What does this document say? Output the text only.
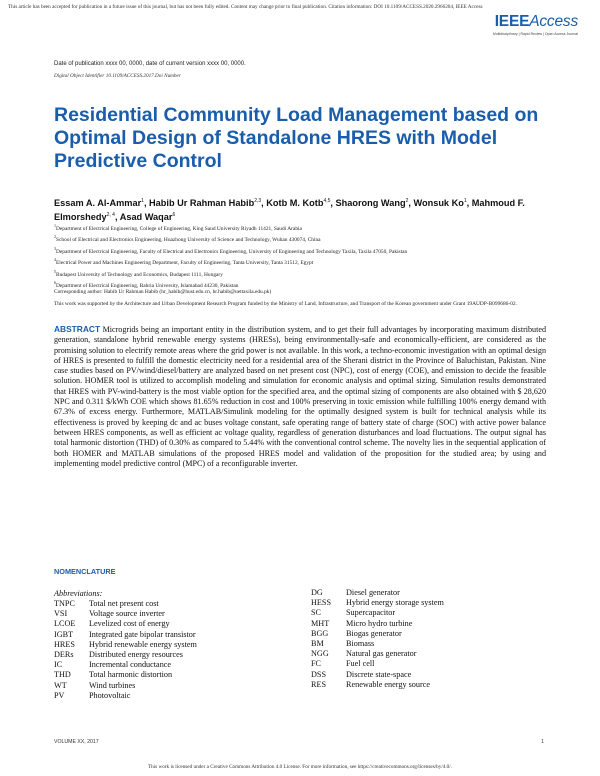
This article has been accepted for publication in a future issue of this journal, but has not been fully edited. Content may change prior to final publication. Citation information: DOI 10.1109/ACCESS.2020.2966204, IEEE Access
IEEEAccess
Multidisciplinary | Rapid Review | Open Access Journal
Date of publication xxxx 00, 0000, date of current version xxxx 00, 0000.
Digital Object Identifier 10.1109/ACCESS.2017.Doi Number
Residential Community Load Management based on Optimal Design of Standalone HRES with Model Predictive Control
Essam A. Al-Ammar$^1$, Habib Ur Rahman Habib$^{2,3}$, Kotb M. Kotb$^{4,5}$, Shaorong Wang$^2$, Wonsuk Ko$^1$, Mahmoud F. Elmorshedy$^{2, 4}$, Asad Waqar$^6$

$^1$Department of Electrical Engineering, College of Engineering, King Saud University Riyadh 11421, Saudi Arabia

$^2$School of Electrical and Electronics Engineering, Huazhong University of Science and Technology, Wuhan 430074, China

$^3$Department of Electrical Engineering, Faculty of Electrical and Electronics Engineering, University of Engineering and Technology Taxila, Taxila 47050, Pakistan

$^4$Electrical Power and Machines Engineering Department, Faculty of Engineering, Tanta University, Tanta 31512, Egypt

$^5$Budapest University of Technology and Economics, Budapest 1111, Hungary

$^6$Department of Electrical Engineering, Bahria University, Islamabad 44230, Pakistan

Corresponding author: Habib Ur Rahman Habib (hr_habib@hust.edu.cn, hr.habib@uettaxila.edu.pk)
This work was supported by the Architecture and Urban Development Research Program funded by the Ministry of Land, Infrastructure, and Transport of the Korean government under Grant 19AUDP-B099686-02.
ABSTRACT Microgrids being an important entity in the distribution system, and to get their full advantages by incorporating maximum distributed generation, standalone hybrid renewable energy systems (HRESs), being environmentally-safe and economically-efficient, are considered as the promising solution to electrify remote areas where the grid power is not available. In this work, a techno-economic investigation with an optimal design of HRES is presented to fulfill the domestic electricity need for a residential area of the Sherani district in the Province of Baluchistan, Pakistan. Nine case studies based on PV/wind/diesel/battery are analyzed based on net present cost (NPC), cost of energy (COE), and emission to decide the feasible solution. HOMER tool is utilized to accomplish modeling and simulation for economic analysis and optimal sizing. Simulation results demonstrated that HRES with PV-wind-battery is the most viable option for the specified area, and the optimal sizing of components are also obtained with $ 28,620 NPC and 0.311 $/kWh COE which shows 81.65% reduction in cost and 100% preserving in toxic emission while fulfilling 100% energy demand with 67.3% of excess energy. Furthermore, MATLAB/Simulink modeling for the optimally designed system is built for technical analysis while its effectiveness is proved by keeping dc and ac buses voltage constant, safe operating range of battery state of charge (SOC) with active power balance between HRES components, as well as efficient ac voltage quality, regardless of generation disturbances and load fluctuations. The output signal has total harmonic distortion (THD) of 0.30% as compared to 5.44% with the conventional control scheme. The novelty lies in the sequential application of both HOMER and MATLAB simulations of the proposed HRES model and validation of the proposition for the studied area; by using and implementing model predictive control (MPC) of a reconfigurable inverter.
NOMENCLATURE
Abbreviations:
TNPC	Total net present cost
VSI	Voltage source inverter
LCOE	Levelized cost of energy
IGBT	Integrated gate bipolar transistor
HRES	Hybrid renewable energy system
DERs	Distributed energy resources
IC	Incremental conductance
THD	Total harmonic distortion
WT	Wind turbines
PV	Photovoltaic
DG	Diesel generator
HESS	Hybrid energy storage system
SC	Supercapacitor
MHT	Micro hydro turbine
BGG	Biogas generator
BM	Biomass
NGG	Natural gas generator
FC	Fuel cell
DSS	Discrete state-space
RES	Renewable energy source
VOLUME XX, 2017	1
This work is licensed under a Creative Commons Attribution 4.0 License. For more information, see https://creativecommons.org/licenses/by/4.0/.
